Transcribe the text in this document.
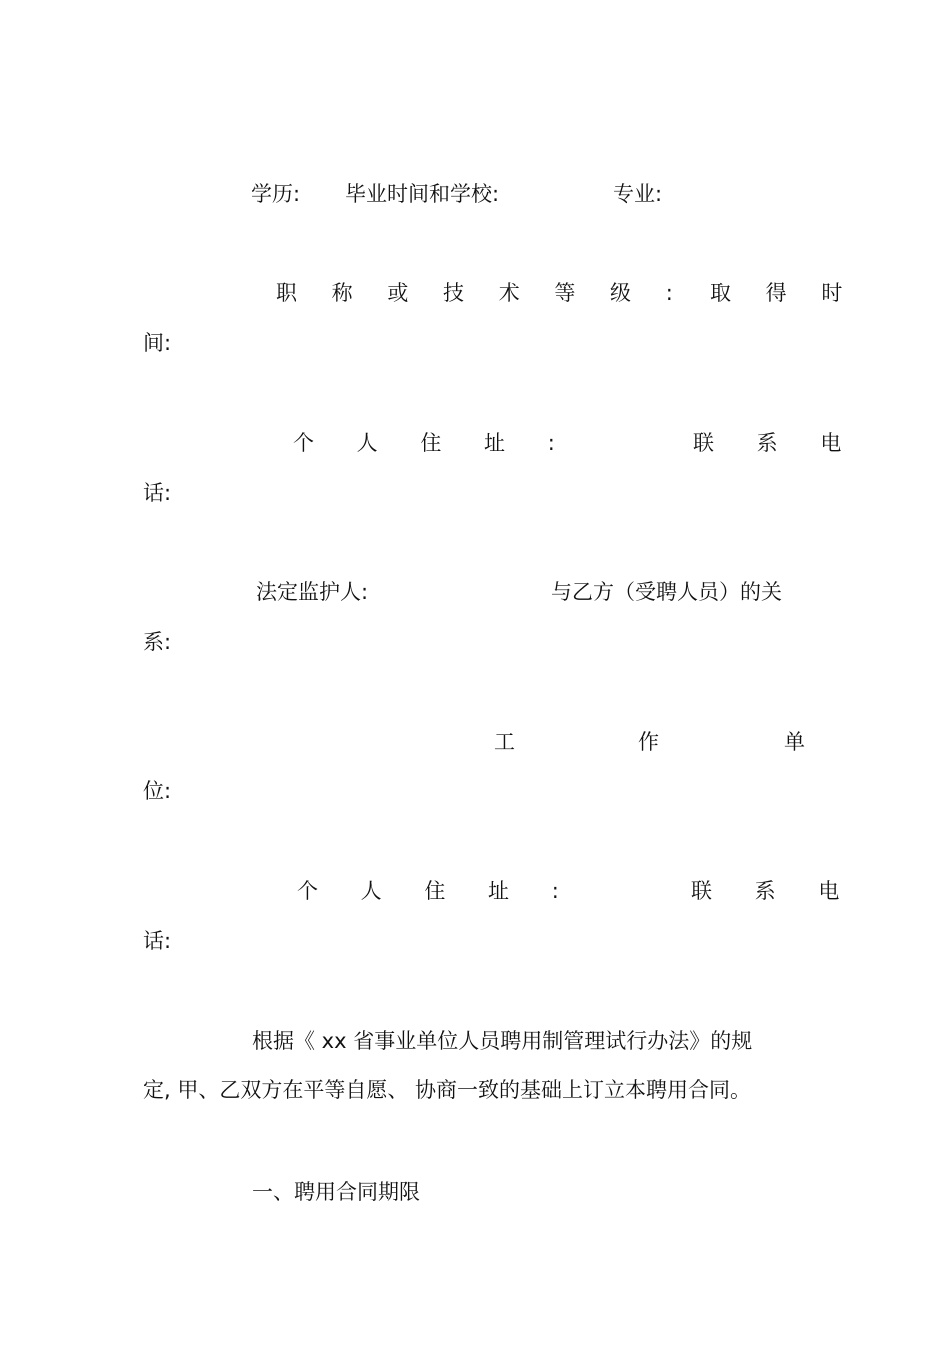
学历: 毕业时间和学校:	专业:
职 称 或 技 术 等 级 : 取 得 时
间:
个 人 住 址 :	联 系 电
话:
法定监护人:	与乙方（受聘人员）的关
系:
工	作	单
位:
个 人 住 址 :	联 系 电
话:
根据《 xx 省事业单位人员聘用制管理试行办法》的规
定, 甲、乙双方在平等自愿、 协商一致的基础上订立本聘用合同。
一、聘用合同期限
